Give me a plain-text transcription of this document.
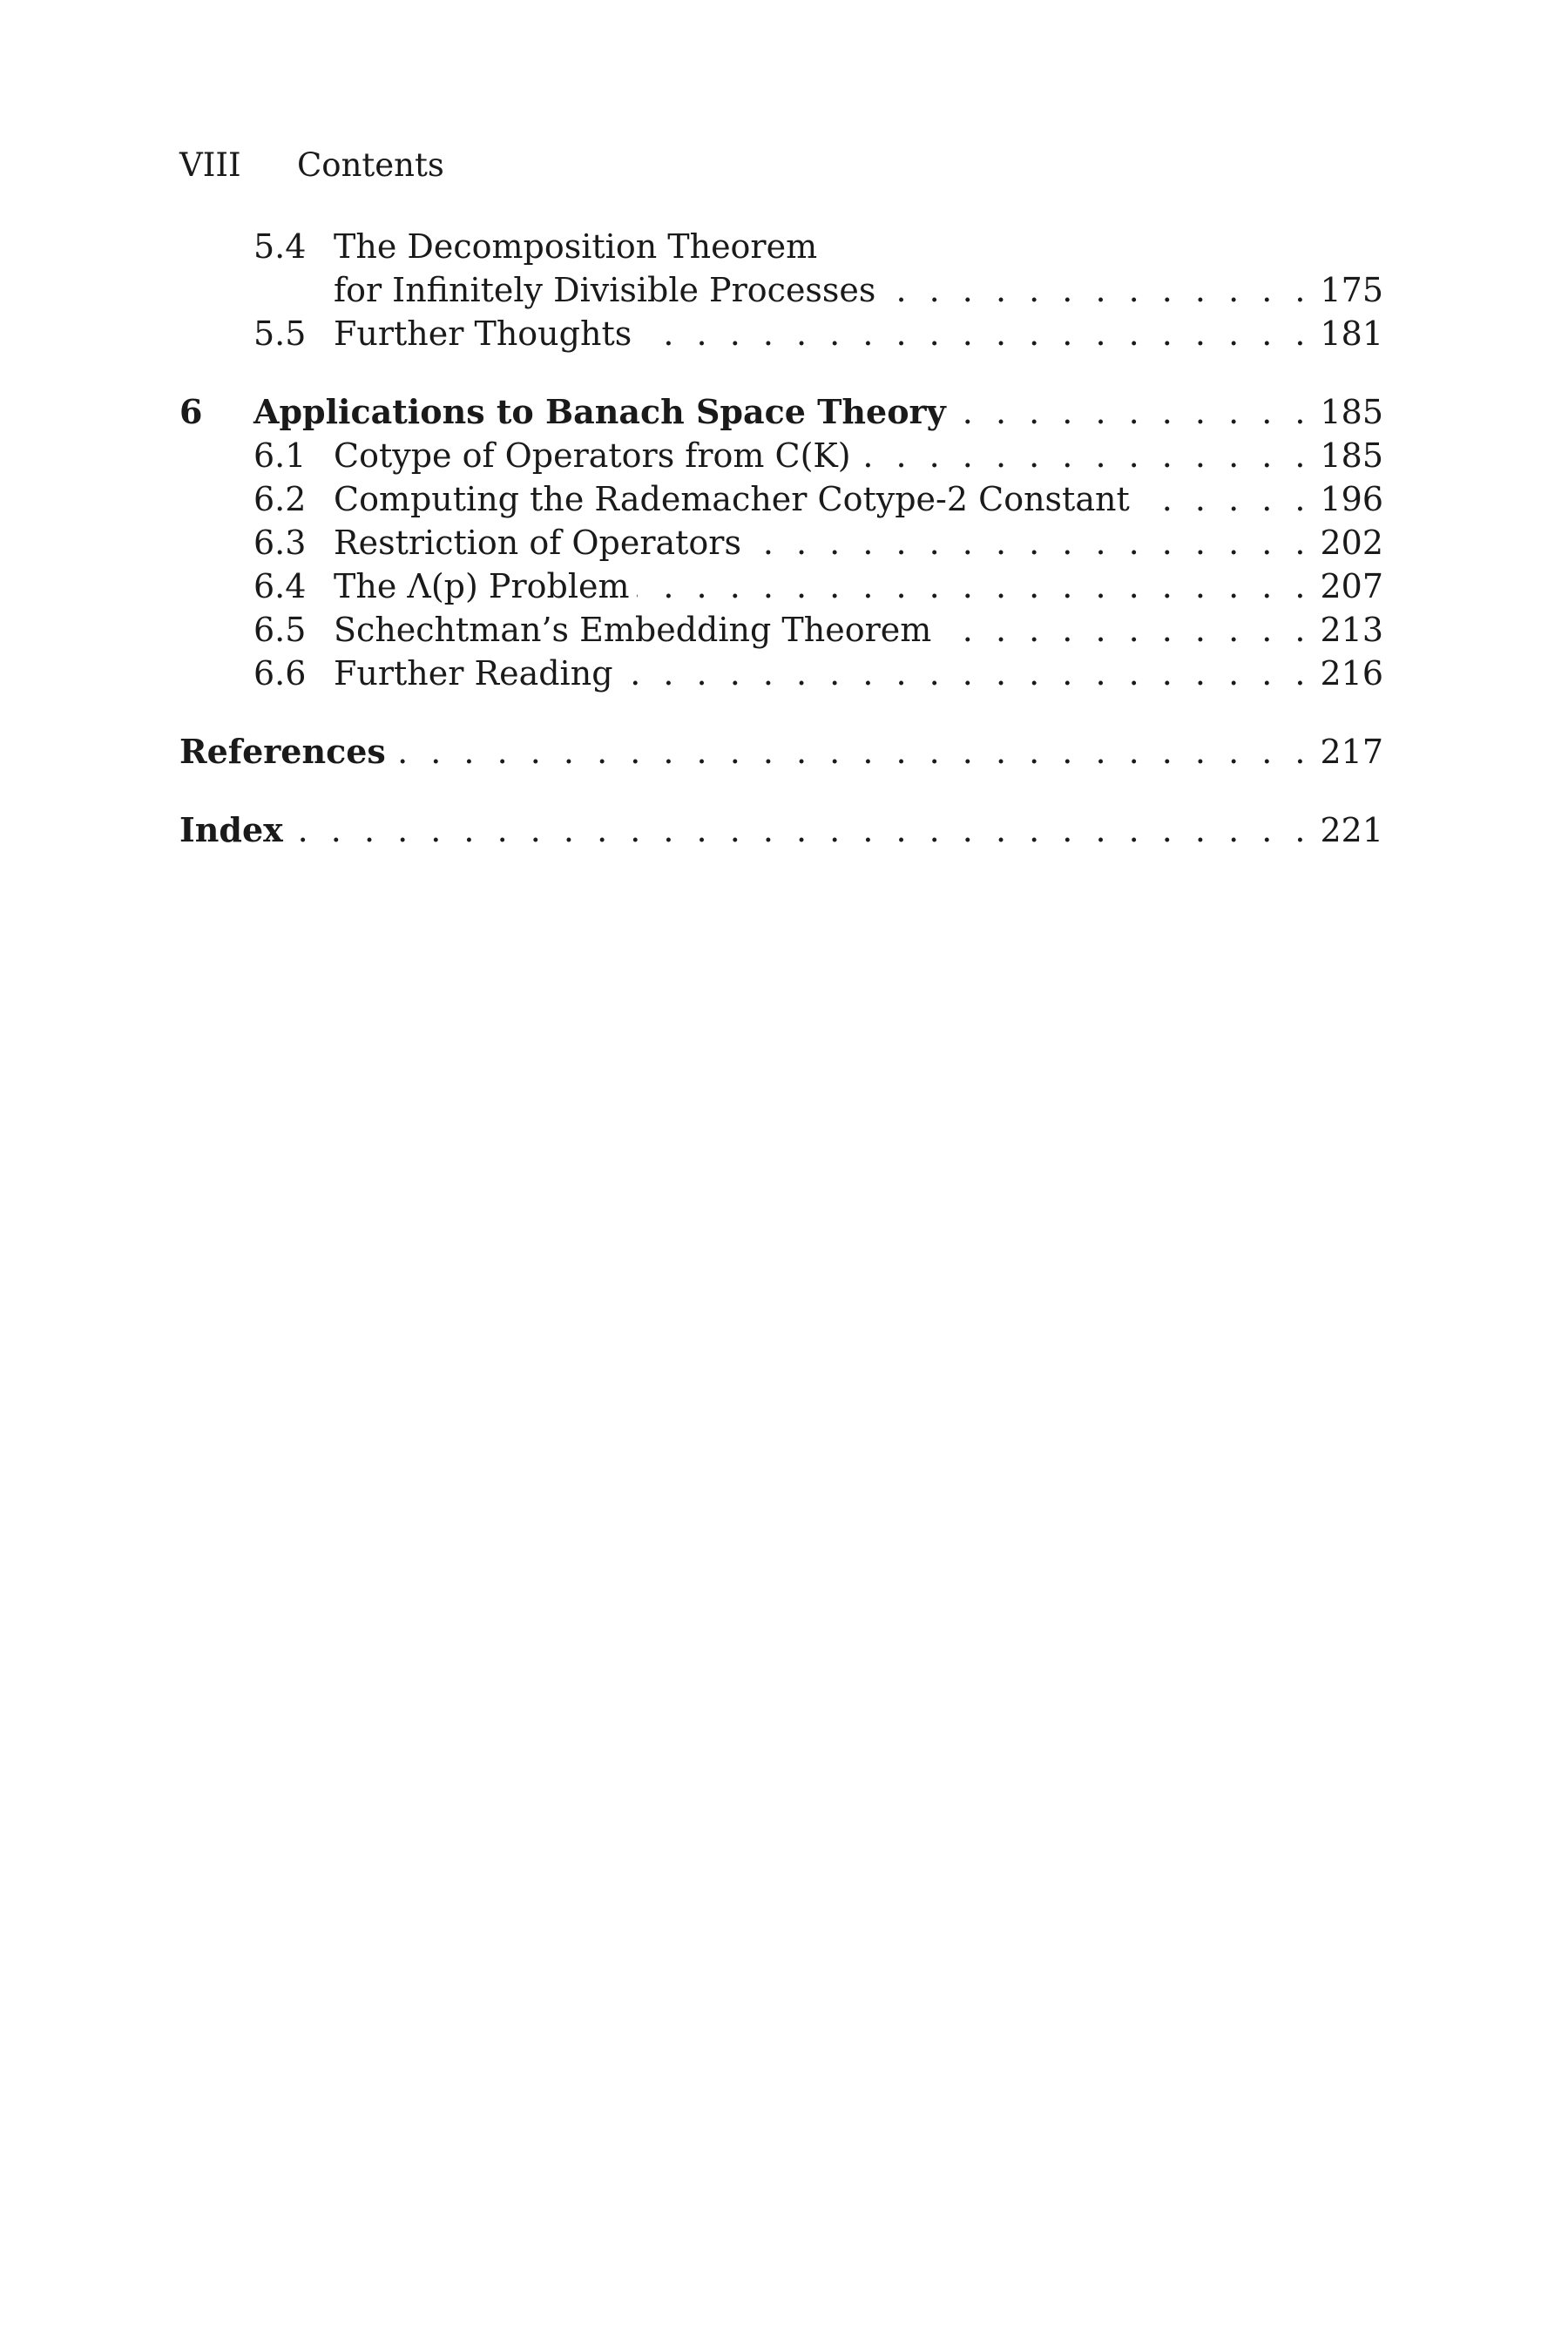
VIII Contents
5.4 The Decomposition Theorem
for Infinitely Divisible Processes . . .	175
5.5 Further Thoughts . . .	181
6	Applications to Banach Space Theory . . .	185
6.1 Cotype of Operators from C(K) . . .	185
6.2 Computing the Rademacher Cotype-2 Constant . . .	196
6.3 Restriction of Operators . . .	202
6.4 The Λ(p) Problem . . .	207
6.5 Schechtman’s Embedding Theorem . . .	213
6.6 Further Reading . . .	216
References . . .	217
Index . . .	221
